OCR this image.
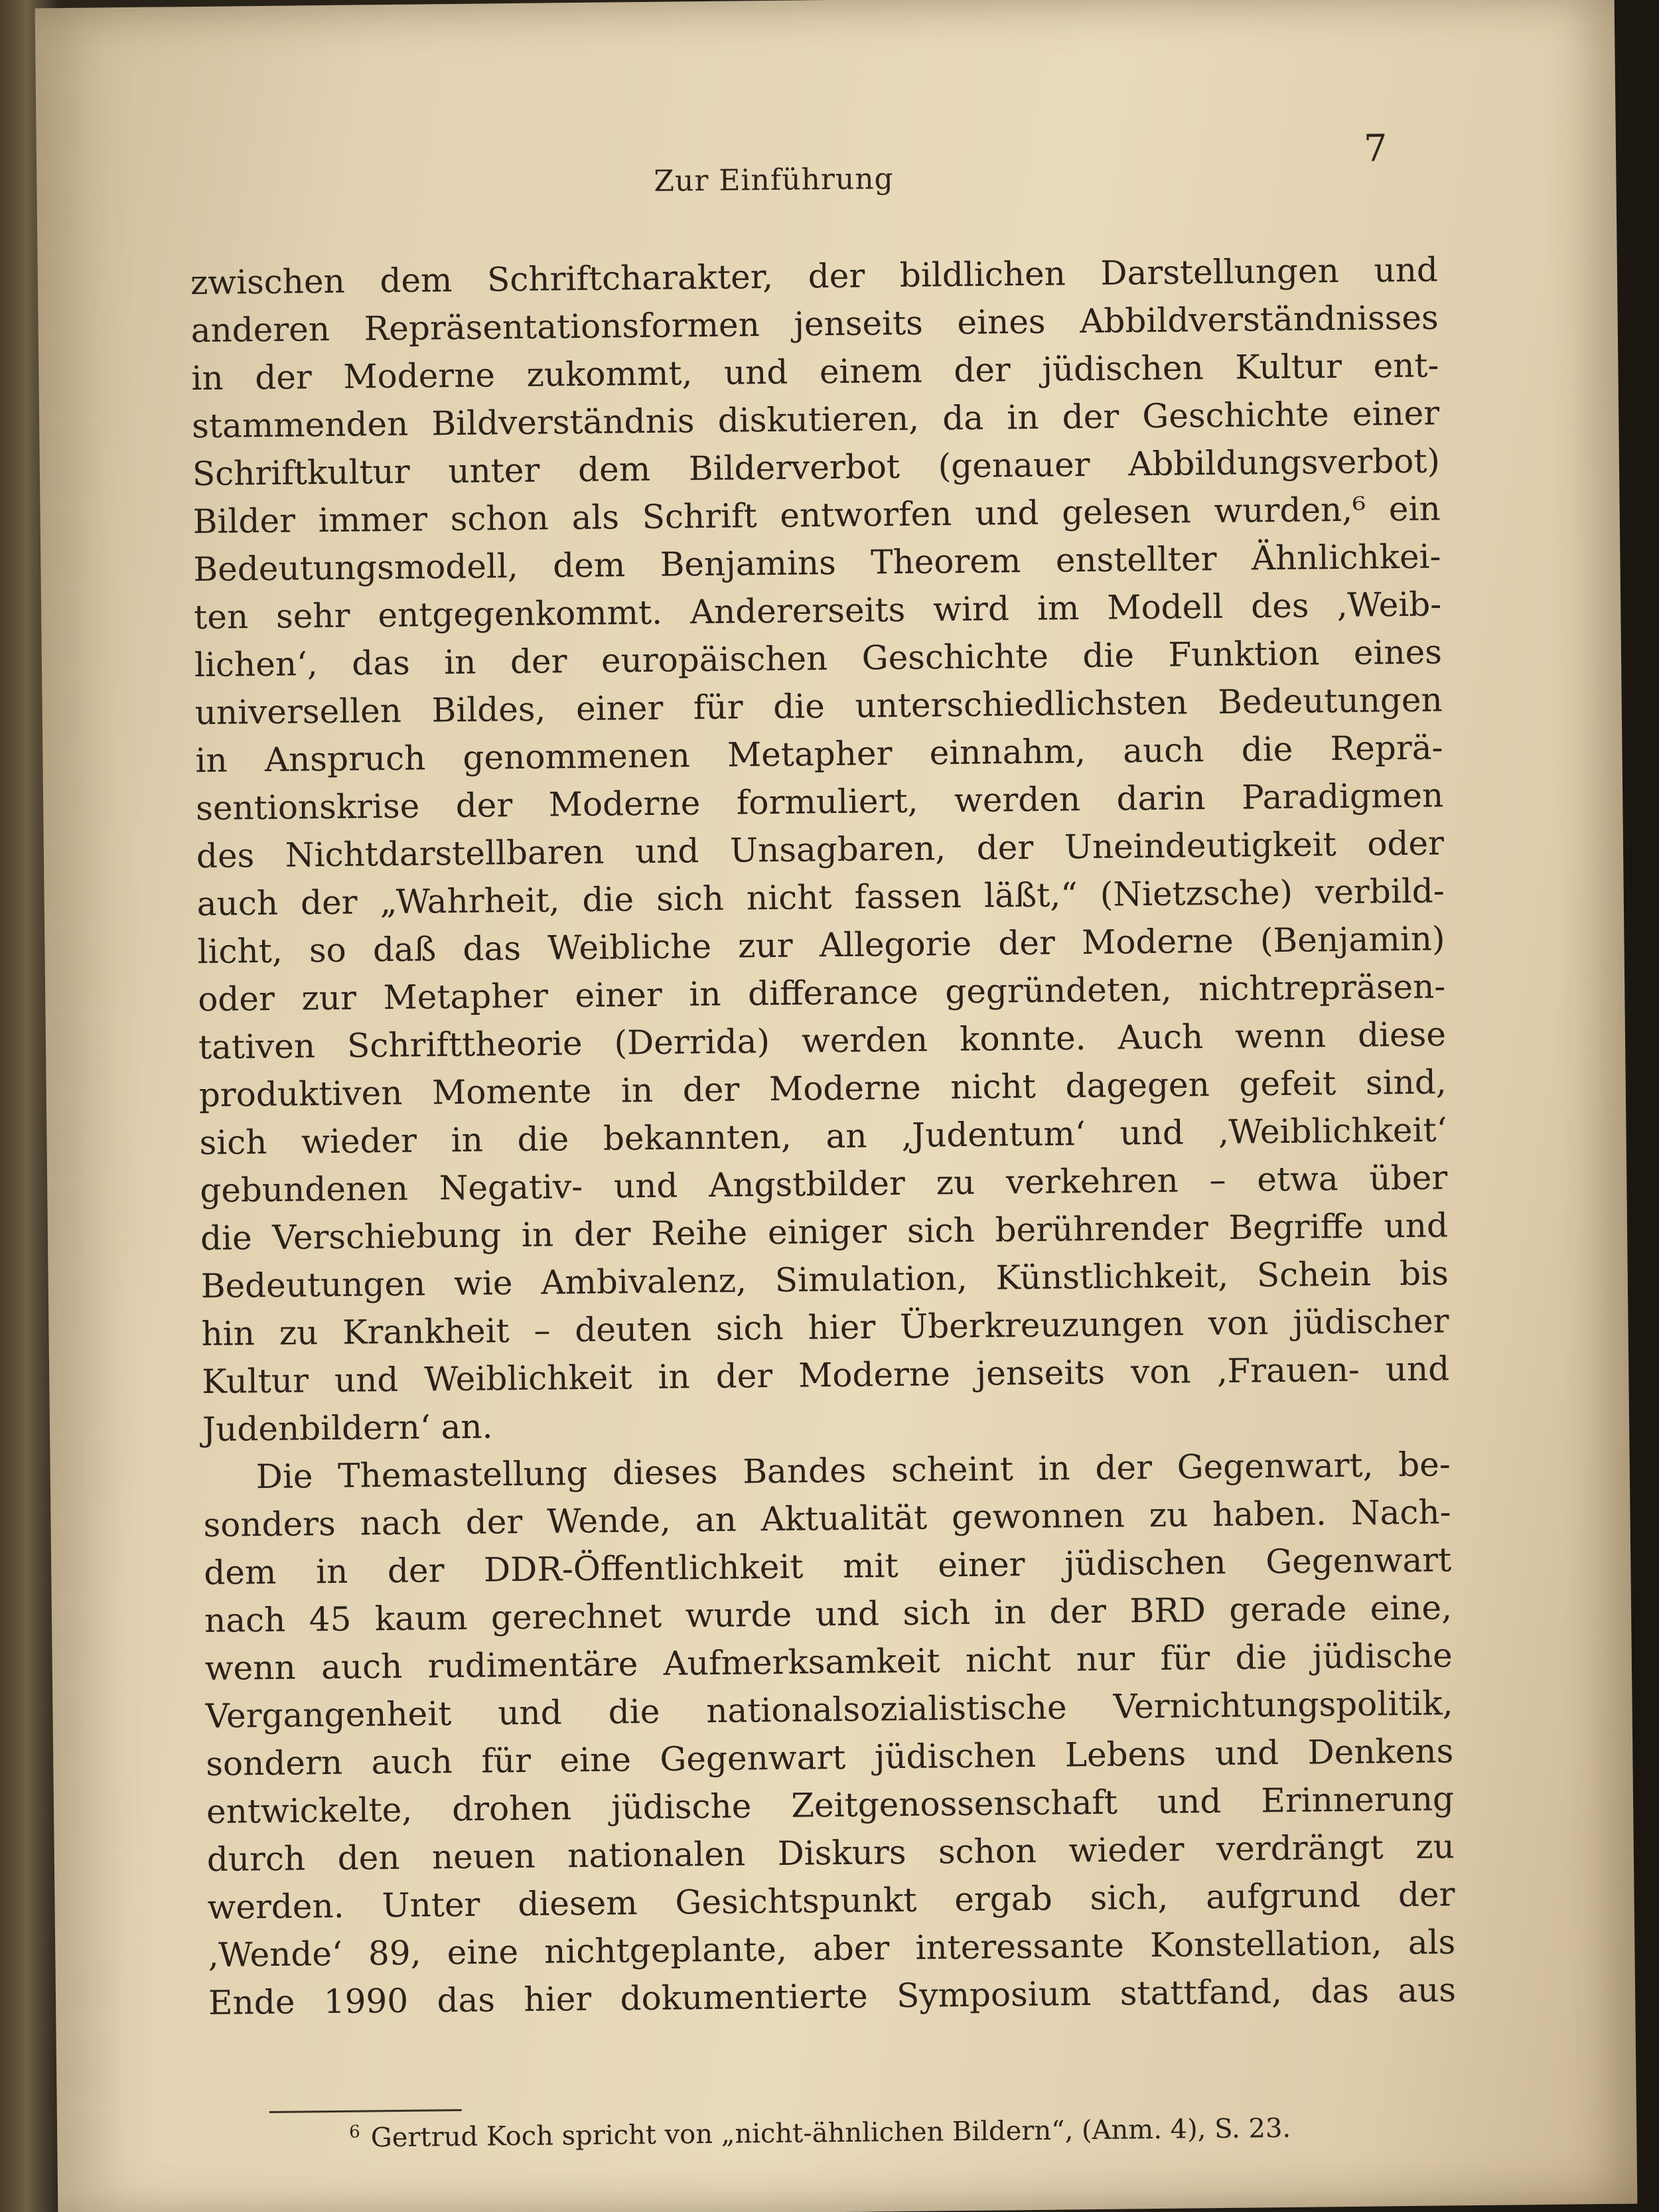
Zur Einführung
7
zwischen dem Schriftcharakter, der bildlichen Darstellungen und
anderen Repräsentationsformen jenseits eines Abbildverständnisses
in der Moderne zukommt, und einem der jüdischen Kultur ent-
stammenden Bildverständnis diskutieren, da in der Geschichte einer
Schriftkultur unter dem Bilderverbot (genauer Abbildungsverbot)
Bilder immer schon als Schrift entworfen und gelesen wurden,⁶ ein
Bedeutungsmodell, dem Benjamins Theorem enstellter Ähnlichkei-
ten sehr entgegenkommt. Andererseits wird im Modell des ‚Weib-
lichen‘, das in der europäischen Geschichte die Funktion eines
universellen Bildes, einer für die unterschiedlichsten Bedeutungen
in Anspruch genommenen Metapher einnahm, auch die Reprä-
sentionskrise der Moderne formuliert, werden darin Paradigmen
des Nichtdarstellbaren und Unsagbaren, der Uneindeutigkeit oder
auch der „Wahrheit, die sich nicht fassen läßt,“ (Nietzsche) verbild-
licht, so daß das Weibliche zur Allegorie der Moderne (Benjamin)
oder zur Metapher einer in differance gegründeten, nichtrepräsen-
tativen Schrifttheorie (Derrida) werden konnte. Auch wenn diese
produktiven Momente in der Moderne nicht dagegen gefeit sind,
sich wieder in die bekannten, an ‚Judentum‘ und ‚Weiblichkeit‘
gebundenen Negativ- und Angstbilder zu verkehren – etwa über
die Verschiebung in der Reihe einiger sich berührender Begriffe und
Bedeutungen wie Ambivalenz, Simulation, Künstlichkeit, Schein bis
hin zu Krankheit – deuten sich hier Überkreuzungen von jüdischer
Kultur und Weiblichkeit in der Moderne jenseits von ‚Frauen- und
Judenbildern‘ an.
Die Themastellung dieses Bandes scheint in der Gegenwart, be-
sonders nach der Wende, an Aktualität gewonnen zu haben. Nach-
dem in der DDR-Öffentlichkeit mit einer jüdischen Gegenwart
nach 45 kaum gerechnet wurde und sich in der BRD gerade eine,
wenn auch rudimentäre Aufmerksamkeit nicht nur für die jüdische
Vergangenheit und die nationalsozialistische Vernichtungspolitik,
sondern auch für eine Gegenwart jüdischen Lebens und Denkens
entwickelte, drohen jüdische Zeitgenossenschaft und Erinnerung
durch den neuen nationalen Diskurs schon wieder verdrängt zu
werden. Unter diesem Gesichtspunkt ergab sich, aufgrund der
‚Wende‘ 89, eine nichtgeplante, aber interessante Konstellation, als
Ende 1990 das hier dokumentierte Symposium stattfand, das aus
$^6$ Gertrud Koch spricht von „nicht-ähnlichen Bildern“, (Anm. 4), S. 23.
